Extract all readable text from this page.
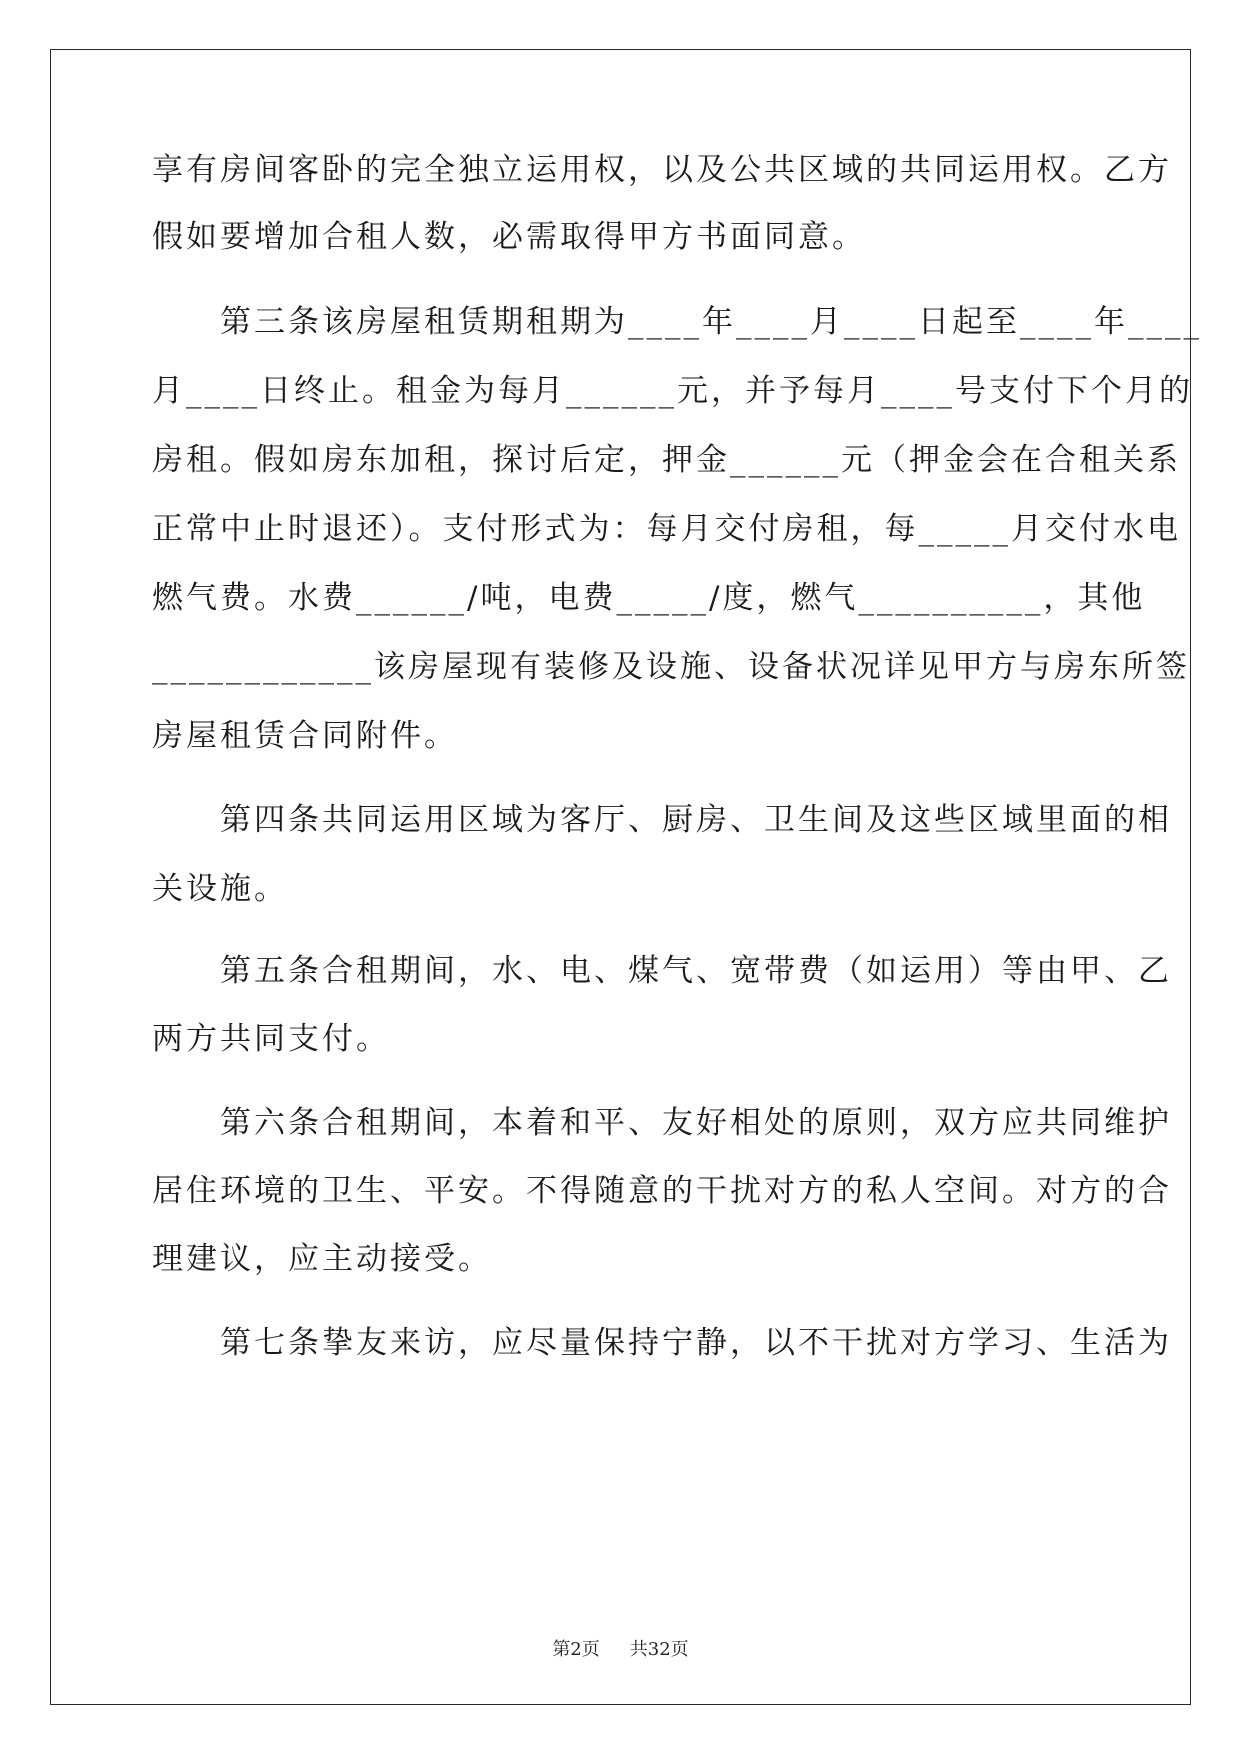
享有房间客卧的完全独立运用权，以及公共区域的共同运用权。乙方
假如要增加合租人数，必需取得甲方书面同意。
　　第三条该房屋租赁期租期为____年____月____日起至____年____
月____日终止。租金为每月______元，并予每月____号支付下个月的
房租。假如房东加租，探讨后定，押金______元（押金会在合租关系
正常中止时退还）。支付形式为：每月交付房租，每_____月交付水电
燃气费。水费______/吨，电费_____/度，燃气__________，其他
____________该房屋现有装修及设施、设备状况详见甲方与房东所签
房屋租赁合同附件。
　　第四条共同运用区域为客厅、厨房、卫生间及这些区域里面的相
关设施。
　　第五条合租期间，水、电、煤气、宽带费（如运用）等由甲、乙
两方共同支付。
　　第六条合租期间，本着和平、友好相处的原则，双方应共同维护
居住环境的卫生、平安。不得随意的干扰对方的私人空间。对方的合
理建议，应主动接受。
　　第七条挚友来访，应尽量保持宁静，以不干扰对方学习、生活为
第2页 共32页
